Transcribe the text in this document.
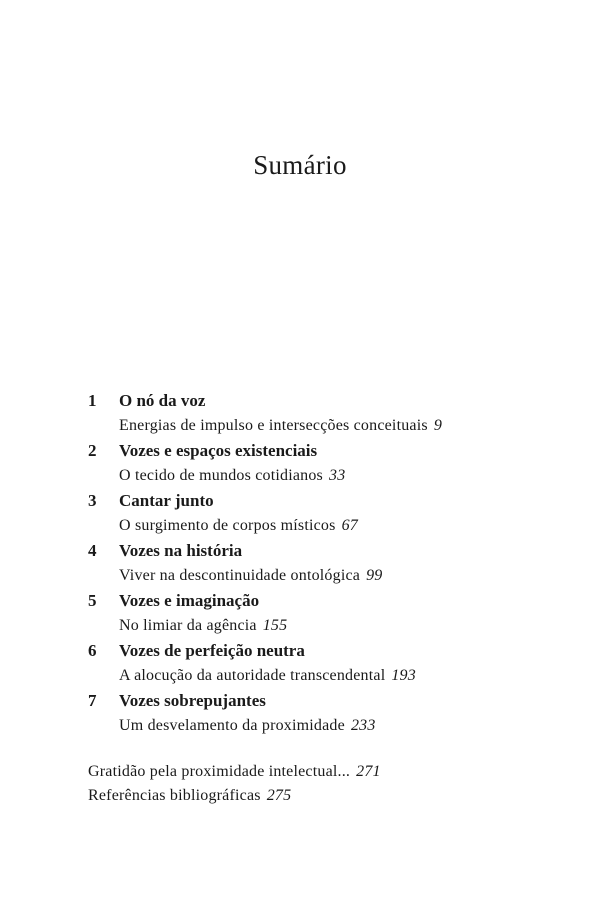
Sumário
1	O nó da voz
Energias de impulso e intersecções conceituais 9
2	Vozes e espaços existenciais
O tecido de mundos cotidianos 33
3	Cantar junto
O surgimento de corpos místicos 67
4	Vozes na história
Viver na descontinuidade ontológica 99
5	Vozes e imaginação
No limiar da agência 155
6	Vozes de perfeição neutra
A alocução da autoridade transcendental 193
7	Vozes sobrepujantes
Um desvelamento da proximidade 233
Gratidão pela proximidade intelectual... 271
Referências bibliográficas 275
